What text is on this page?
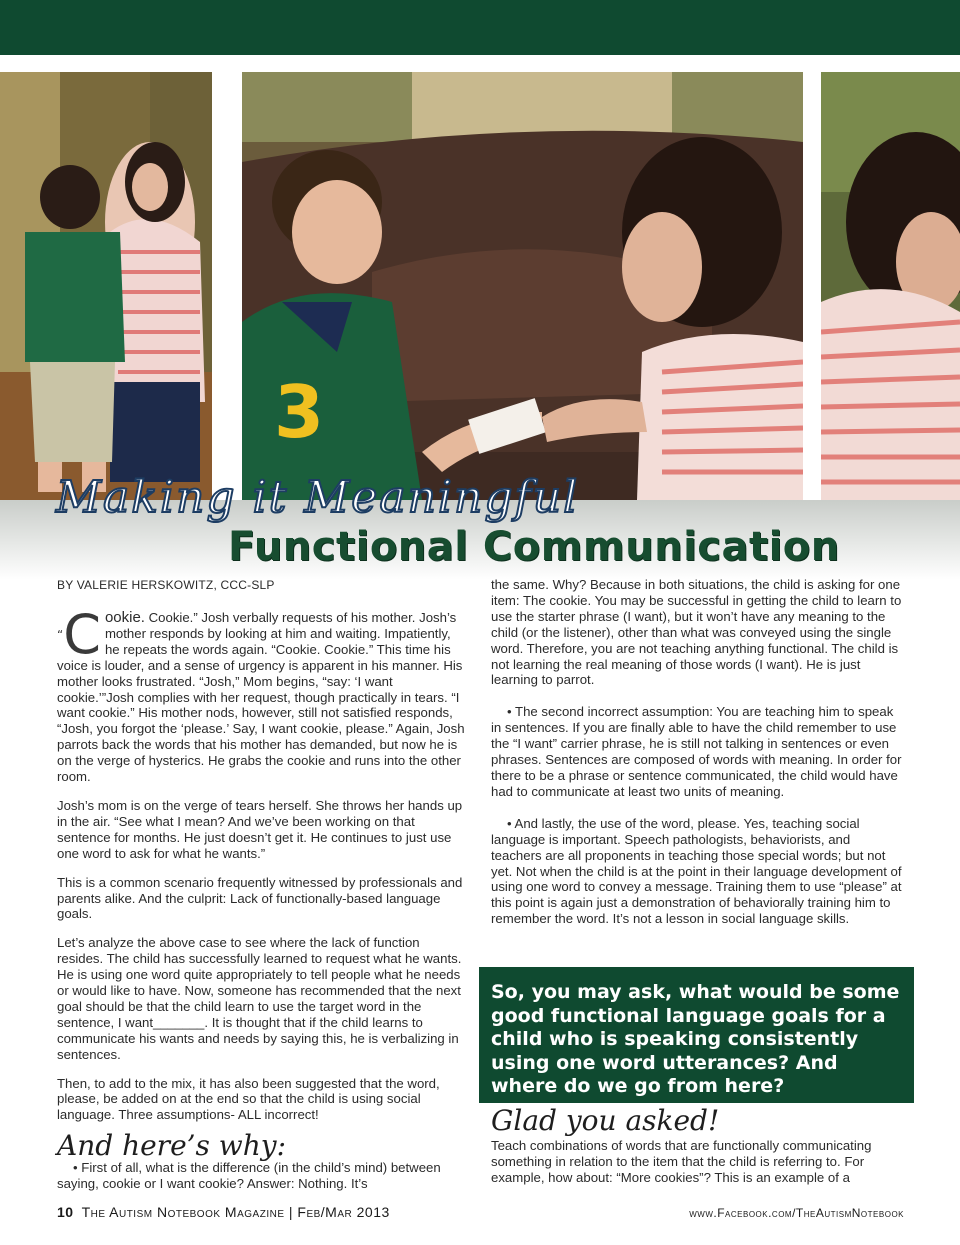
3
Making it Meaningful
Functional Communication
BY VALERIE HERSKOWITZ, CCC-SLP

“C ookie. Cookie.” Josh verbally requests of his mother. Josh’s mother responds by looking at him and waiting. Impatiently, he repeats the words again. “Cookie. Cookie.” This time his voice is louder, and a sense of urgency is apparent in his manner. His mother looks frustrated. “Josh,” Mom begins, “say: ‘I want cookie.’”Josh complies with her request, though practically in tears. “I want cookie.” His mother nods, however, still not satisfied responds, “Josh, you forgot the ‘please.’ Say, I want cookie, please.” Again, Josh parrots back the words that his mother has demanded, but now he is on the verge of hysterics. He grabs the cookie and runs into the other room.

Josh’s mom is on the verge of tears herself. She throws her hands up in the air. “See what I mean? And we’ve been working on that sentence for months. He just doesn’t get it. He continues to just use one word to ask for what he wants.”

This is a common scenario frequently witnessed by professionals and parents alike. And the culprit: Lack of functionally-based language goals.

Let’s analyze the above case to see where the lack of function resides. The child has successfully learned to request what he wants. He is using one word quite appropriately to tell people what he needs or would like to have. Now, someone has recommended that the next goal should be that the child learn to use the target word in the sentence, I want_______. It is thought that if the child learns to communicate his wants and needs by saying this, he is verbalizing in sentences.

Then, to add to the mix, it has also been suggested that the word, please, be added on at the end so that the child is using social language. Three assumptions- ALL incorrect!

And here’s why:

• First of all, what is the difference (in the child’s mind) between saying, cookie or I want cookie? Answer: Nothing. It’s

the same. Why? Because in both situations, the child is asking for one item: The cookie. You may be successful in getting the child to learn to use the starter phrase (I want), but it won’t have any meaning to the child (or the listener), other than what was conveyed using the single word. Therefore, you are not teaching anything functional. The child is not learning the real meaning of those words (I want). He is just learning to parrot.

• The second incorrect assumption: You are teaching him to speak in sentences. If you are finally able to have the child remember to use the “I want” carrier phrase, he is still not talking in sentences or even phrases. Sentences are composed of words with meaning. In order for there to be a phrase or sentence communicated, the child would have had to communicate at least two units of meaning.

• And lastly, the use of the word, please. Yes, teaching social language is important. Speech pathologists, behaviorists, and teachers are all proponents in teaching those special words; but not yet. Not when the child is at the point in their language development of using one word to convey a message. Training them to use “please” at this point is again just a demonstration of behaviorally training him to remember the word. It’s not a lesson in social language skills.

So, you may ask, what would be some good functional language goals for a child who is speaking consistently using one word utterances? And where do we go from here?
Glad you asked!

Teach combinations of words that are functionally communicating something in relation to the item that the child is referring to. For example, how about: “More cookies”? This is an example of a

10 The Autism Notebook Magazine | Feb/Mar 2013	www.Facebook.com/TheAutismNotebook
